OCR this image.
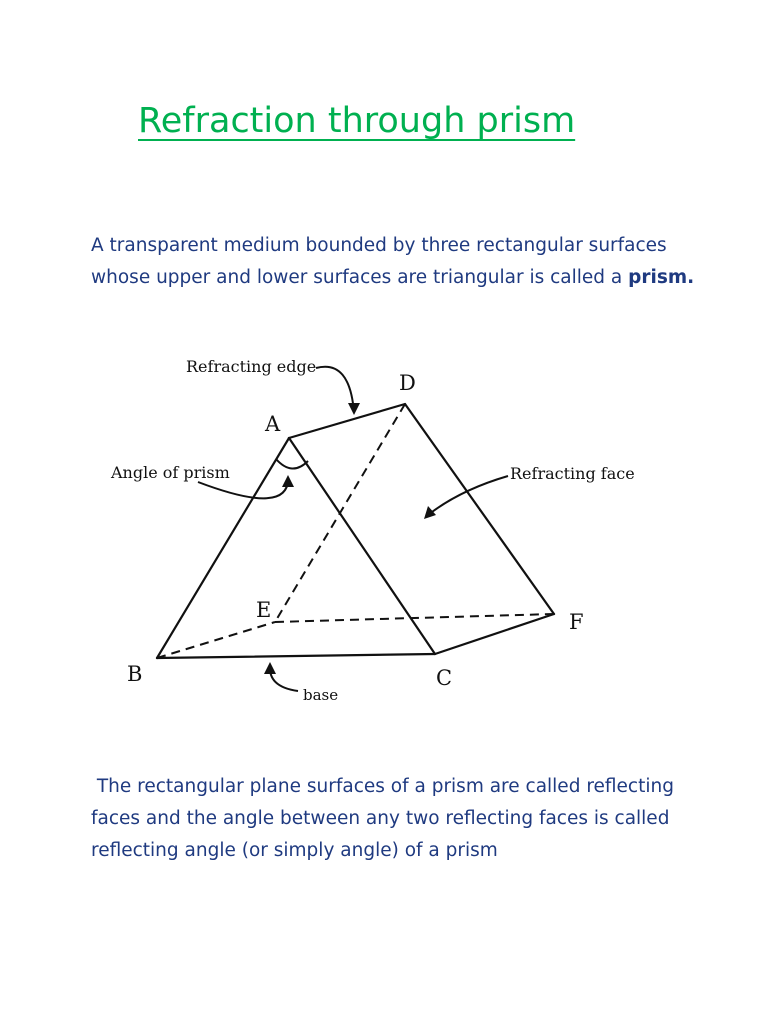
Refraction through prism

A transparent medium bounded by three rectangular surfaces
whose upper and lower surfaces are triangular is called a prism.

Refracting edge
Angle of prism	Refracting face
base
A
B	C
D
E	F

The rectangular plane surfaces of a prism are called reflecting
faces and the angle between any two reflecting faces is called
reflecting angle (or simply angle) of a prism
